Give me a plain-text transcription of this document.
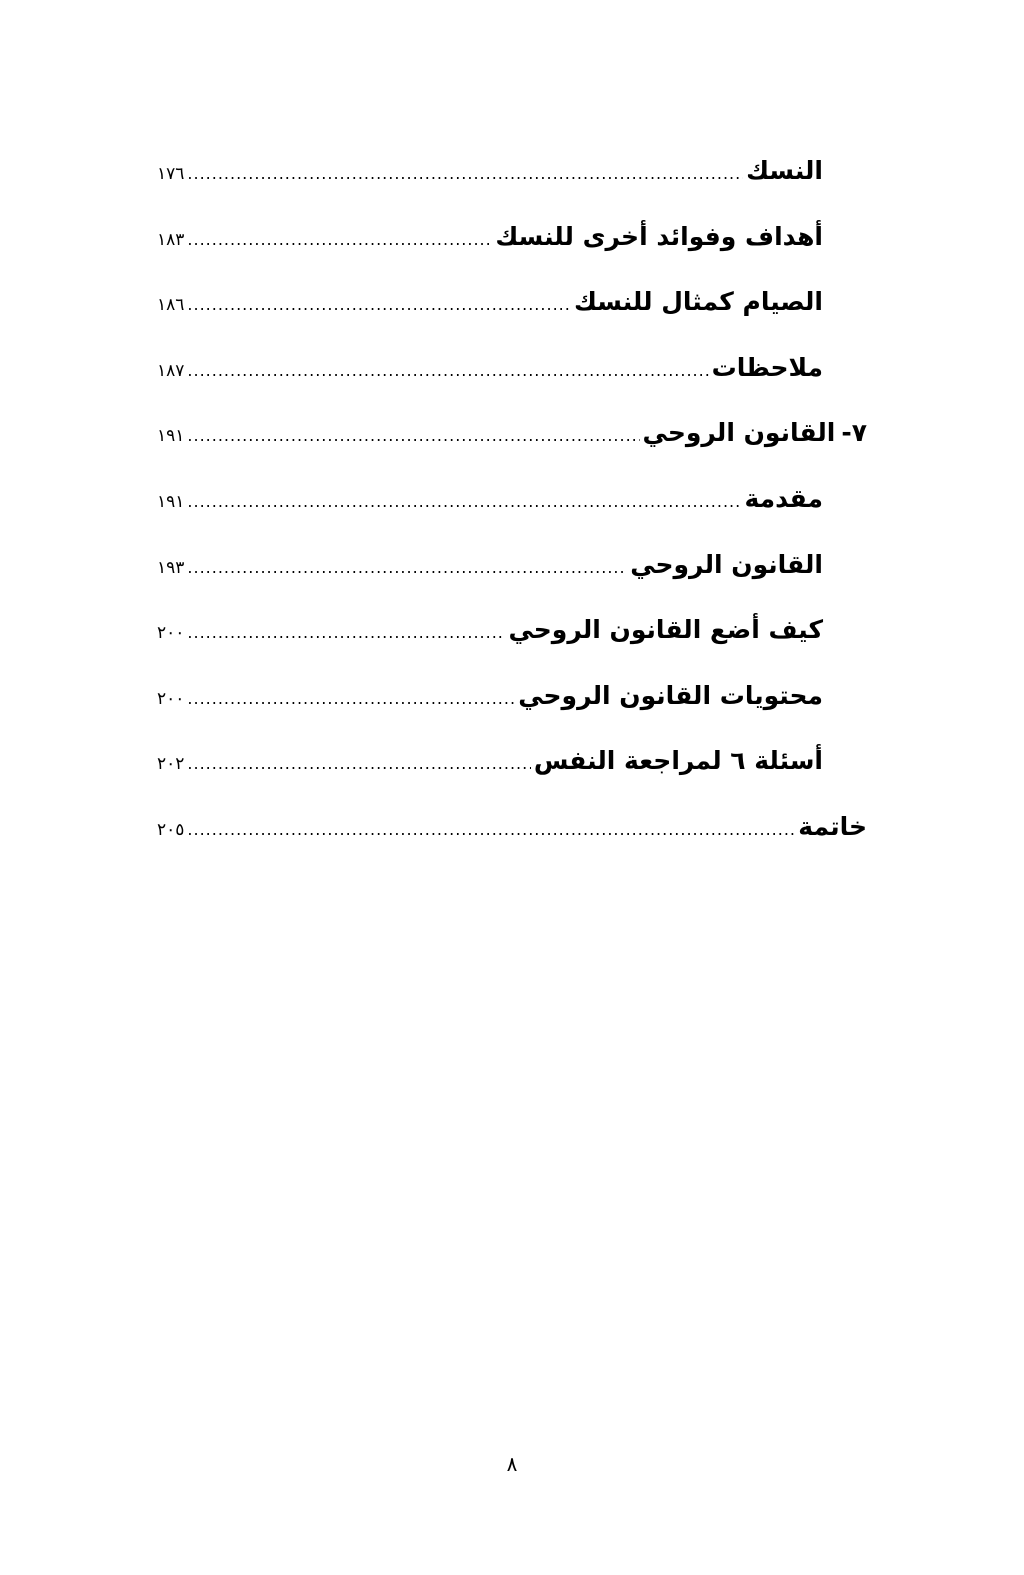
النسك
.....
١٧٦
أهداف وفوائد أخرى للنسك
.....
١٨٣
الصيام كمثال للنسك
.....
١٨٦
ملاحظات
.....
١٨٧
٧-
القانون الروحي
.....
١٩١
مقدمة
.....
١٩١
القانون الروحي
.....
١٩٣
كيف أضع القانون الروحي
.....
٢٠٠
محتويات القانون الروحي
.....
٢٠٠
أسئلة ٦ لمراجعة النفس
.....
٢٠٢
خاتمة
.....
٢٠٥
٨
